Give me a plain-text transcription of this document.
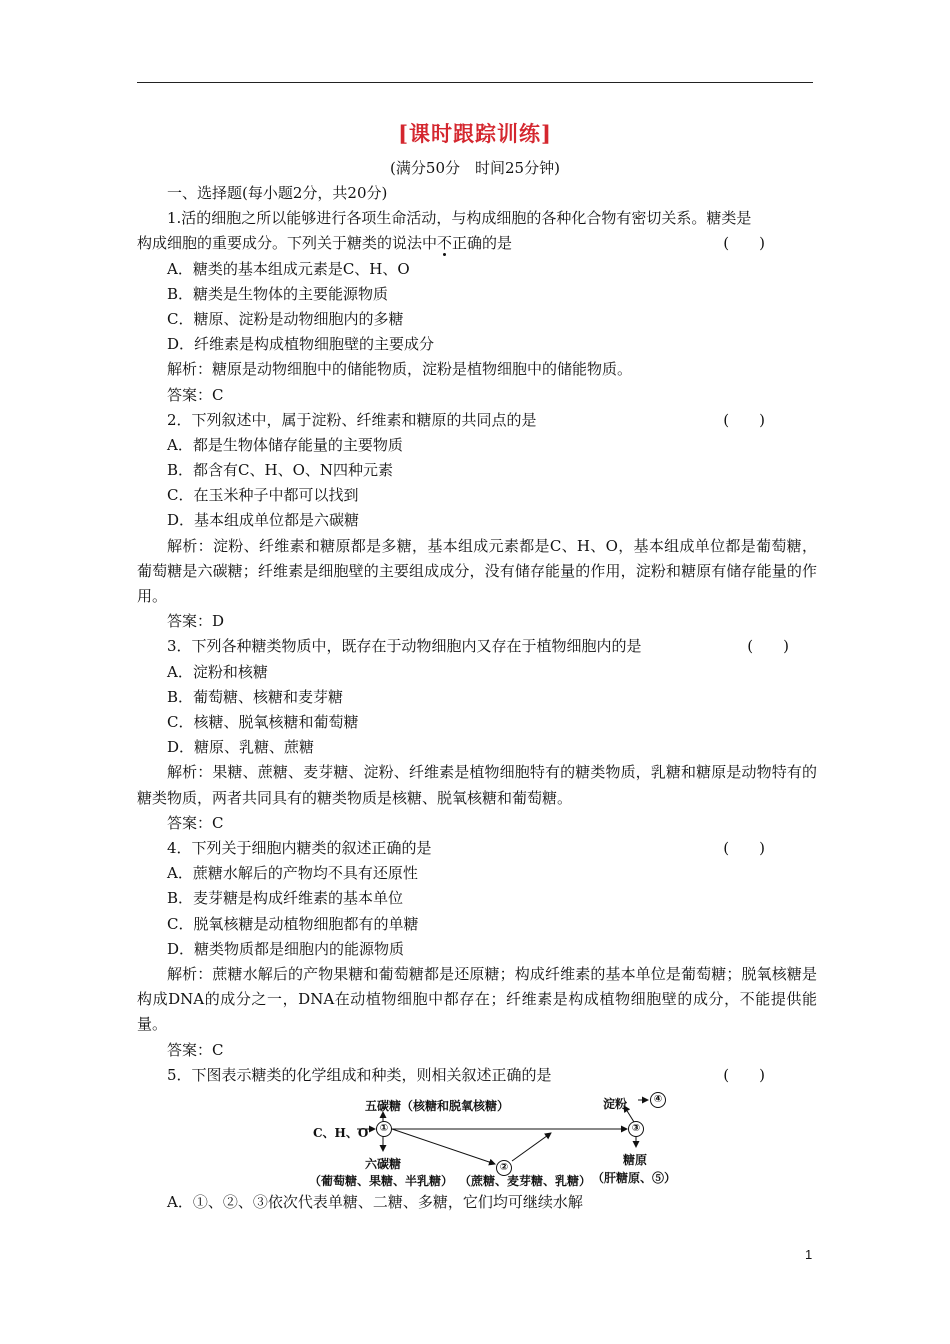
[课时跟踪训练]
(满分50分　时间25分钟)
一、选择题(每小题2分，共20分)
1.活的细胞之所以能够进行各项生命活动，与构成细胞的各种化合物有密切关系。糖类是
构成细胞的重要成分。下列关于糖类的说法中不正确的是	(　　)
A．糖类的基本组成元素是C、H、O
B．糖类是生物体的主要能源物质
C．糖原、淀粉是动物细胞内的多糖
D．纤维素是构成植物细胞壁的主要成分
解析：糖原是动物细胞中的储能物质，淀粉是植物细胞中的储能物质。
答案：C
2．下列叙述中，属于淀粉、纤维素和糖原的共同点的是	(　　)
A．都是生物体储存能量的主要物质
B．都含有C、H、O、N四种元素
C．在玉米种子中都可以找到
D．基本组成单位都是六碳糖
解析：淀粉、纤维素和糖原都是多糖，基本组成元素都是C、H、O，基本组成单位都是葡萄糖，葡萄糖是六碳糖；纤维素是细胞壁的主要组成成分，没有储存能量的作用，淀粉和糖原有储存能量的作用。
答案：D
3．下列各种糖类物质中，既存在于动物细胞内又存在于植物细胞内的是	(　　)
A．淀粉和核糖
B．葡萄糖、核糖和麦芽糖
C．核糖、脱氧核糖和葡萄糖
D．糖原、乳糖、蔗糖
解析：果糖、蔗糖、麦芽糖、淀粉、纤维素是植物细胞特有的糖类物质，乳糖和糖原是动物特有的糖类物质，两者共同具有的糖类物质是核糖、脱氧核糖和葡萄糖。
答案：C
4．下列关于细胞内糖类的叙述正确的是	(　　)
A．蔗糖水解后的产物均不具有还原性
B．麦芽糖是构成纤维素的基本单位
C．脱氧核糖是动植物细胞都有的单糖
D．糖类物质都是细胞内的能源物质
解析：蔗糖水解后的产物果糖和葡萄糖都是还原糖；构成纤维素的基本单位是葡萄糖；脱氧核糖是构成DNA的成分之一，DNA在动植物细胞中都存在；纤维素是构成植物细胞壁的成分，不能提供能量。
答案：C
5．下图表示糖类的化学组成和种类，则相关叙述正确的是	(　　)
C、H、O	①
五碳糖（核糖和脱氧核糖）
六碳糖
（葡萄糖、果糖、半乳糖）
②
（蔗糖、麦芽糖、乳糖）
③
淀粉	④
糖原
（肝糖原、⑤）
A．①、②、③依次代表单糖、二糖、多糖，它们均可继续水解
1
